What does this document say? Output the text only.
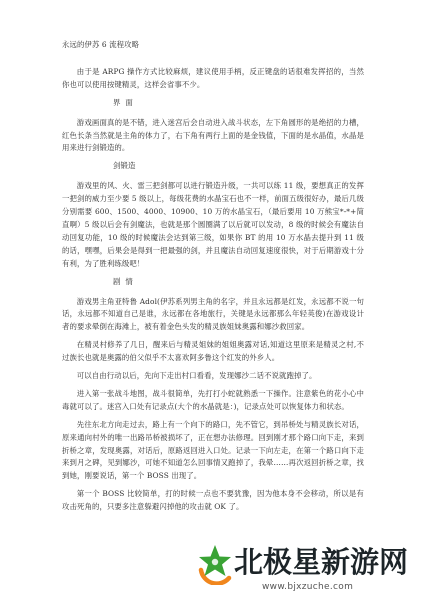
永远的伊苏 6 流程攻略

由于是 ARPG 操作方式比较麻烦，建议使用手柄，反正键盘的话很难发挥招的，当然你也可以使用按键精灵，这样会省事不少。

界  面

游戏画面真的是不错，进入迷宫后会自动进入战斗状态，左下角圆形的是绝招的力槽，红色长条当然就是主角的体力了，右下角有两行上面的是金钱值，下面的是水晶值，水晶是用来进行剑锻造的。

剑锻造

游戏里的风、火、雷三把剑都可以进行锻造升级，一共可以练 11 级，要想真正的发挥一把剑的威力至少要 5 级以上，每级花费的水晶宝石也不一样，前面五级很好办，最后几级分别需要 600、1500、4000、10900、10 万的水晶宝石，（最后要用 10 万熊宝*-*+简直啊）5 级以后会有剑魔法，也就是那个圆圈满了以后就可以发动，8 级的时候会有魔法自动回复功能，10 级的时候魔法会达到第三级，如果你 BT 的用 10 万水晶去提升到 11 级的话，嘿嘿，后果会是得到一把最强的剑，并且魔法自动回复速度很快，对于后期游戏十分有利，为了胜利练级吧！

剧  情

游戏男主角亚特鲁 Adol(伊苏系列男主角的名字，并且永远都是红发，永远都不说一句话，永远都不知道自己是谁，永远都在各地旅行，关键是永远都那么年轻英俊)在游戏设计者的要求晕倒在海滩上，被有着金色头发的精灵族姐妹奥露和娜沙救回家。

在精灵村修养了几日，醒来后与精灵姐妹的姐姐奥露对话,知道这里原来是精灵之村,不过族长也就是奥露的伯父似乎不太喜欢阿多鲁这个红发的外乡人。

可以自由行动以后，先向下走出村口看看，发现娜沙二话不说就跑掉了。

进入第一张战斗地图，战斗很简单，先打打小蛇就熟悉一下操作。注意紫色的花小心中毒就可以了。迷宫入口处有记录点(大个的水晶就是：)，记录点处可以恢复体力和状态。

先往东北方向走过去，路上有一个向下的路口，先不管它，到吊桥处与精灵族长对话，原来通向村外的唯一出路吊桥被损坏了，正在想办法修理。回到刚才那个路口向下走，来到折桥之章，发现奥露，对话后，原路返回进入口处。记录一下向左走，在第一个路口向下走来到月之碑，见到娜沙，可她不知道怎么回事情又跑掉了，我晕……再次返回折桥之章，找到她，刚要说话，第一个 BOSS 出现了。

第一个 BOSS 比较简单，打的时候一点也不要犹豫，因为他本身不会移动，所以是有攻击死角的，只要多注意躲避闪掉他的攻击就 OK 了。

北极星新游网
www.bjxzuche.com
